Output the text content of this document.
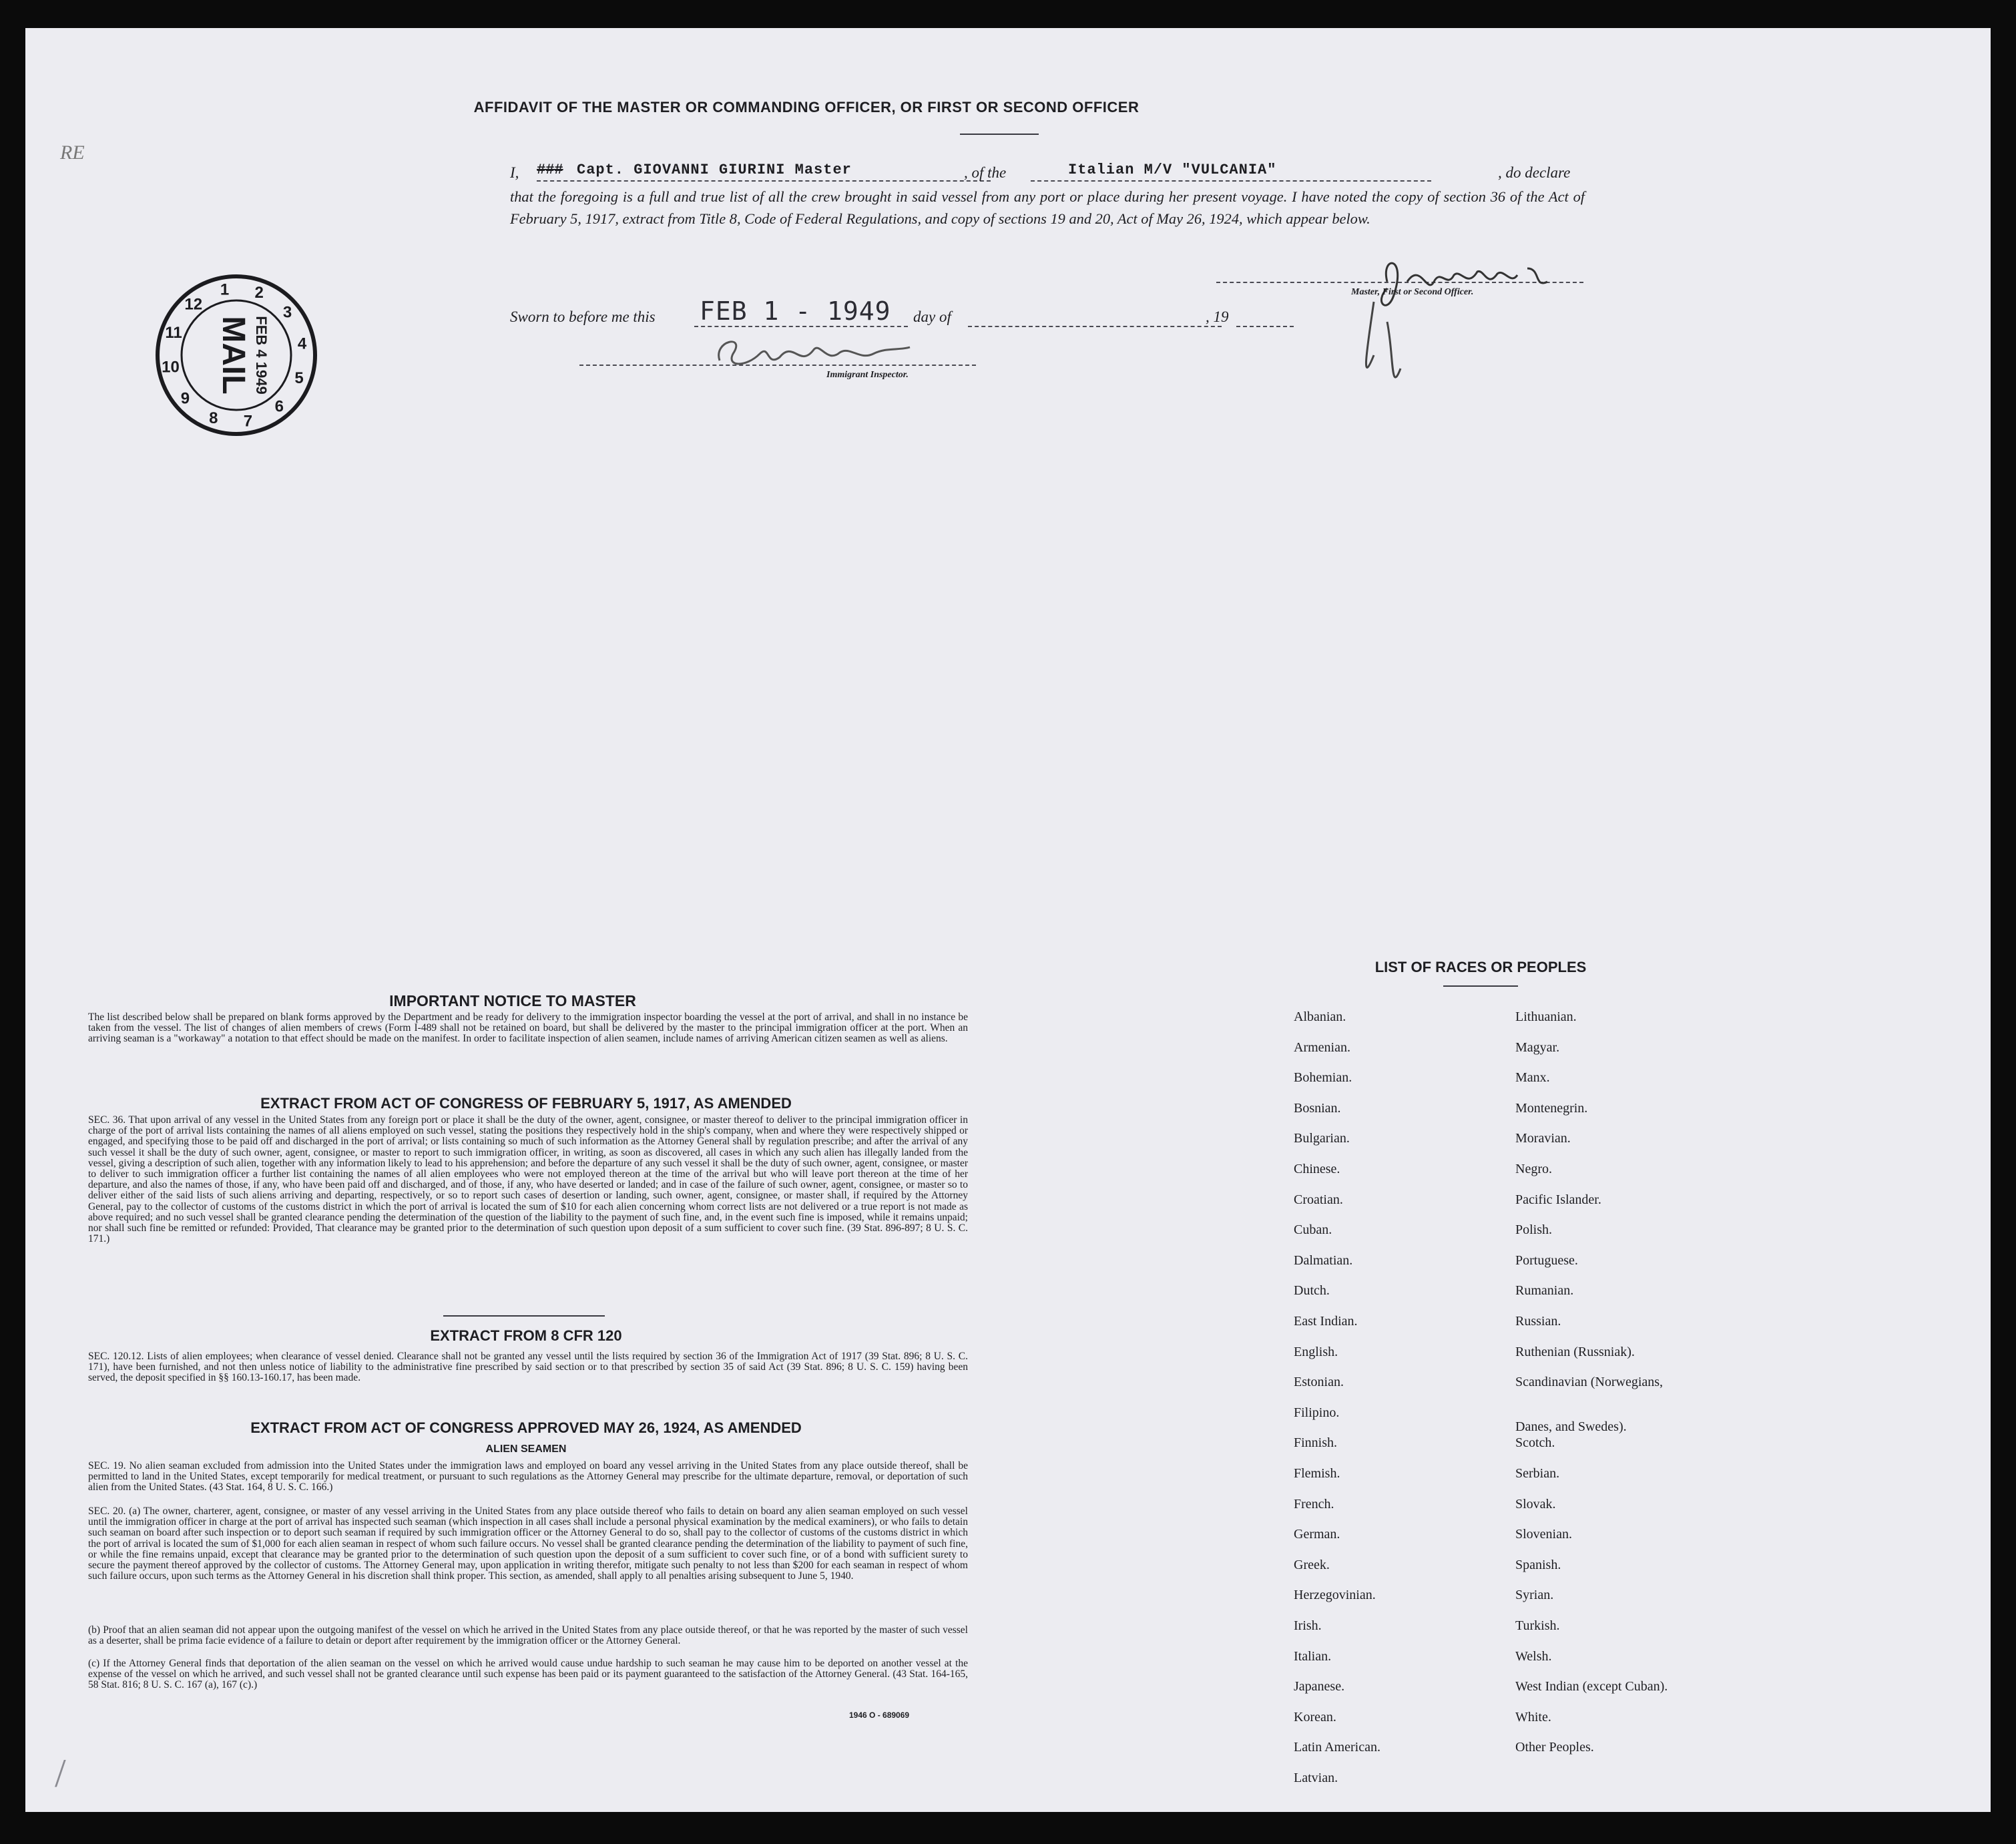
RE
AFFIDAVIT OF THE MASTER OR COMMANDING OFFICER, OR FIRST OR SECOND OFFICER
I, ### Capt. GIOVANNI GIURINI Master	, of the	Italian M/V "VULCANIA"	, do declare
that the foregoing is a full and true list of all the crew brought in said vessel from any port or place during her present voyage. I have noted the copy of section 36 of the Act of February 5, 1917, extract from Title 8, Code of Federal Regulations, and copy of sections 19 and 20, Act of May 26, 1924, which appear below.
Master, First or Second Officer.
Sworn to before me this FEB 1 - 1949 day of	, 19
Immigrant Inspector.
1 2
3
4
5
6
7
8
9
10
11
12
MAIL FEB 4 1949
IMPORTANT NOTICE TO MASTER
The list described below shall be prepared on blank forms approved by the Department and be ready for delivery to the immigration inspector boarding the vessel at the port of arrival, and shall in no instance be taken from the vessel. The list of changes of alien members of crews (Form I-489 shall not be retained on board, but shall be delivered by the master to the principal immigration officer at the port. When an arriving seaman is a "workaway" a notation to that effect should be made on the manifest. In order to facilitate inspection of alien seamen, include names of arriving American citizen seamen as well as aliens.
EXTRACT FROM ACT OF CONGRESS OF FEBRUARY 5, 1917, AS AMENDED
SEC. 36. That upon arrival of any vessel in the United States from any foreign port or place it shall be the duty of the owner, agent, consignee, or master thereof to deliver to the principal immigration officer in charge of the port of arrival lists containing the names of all aliens employed on such vessel, stating the positions they respectively hold in the ship's company, when and where they were respectively shipped or engaged, and specifying those to be paid off and discharged in the port of arrival; or lists containing so much of such information as the Attorney General shall by regulation prescribe; and after the arrival of any such vessel it shall be the duty of such owner, agent, consignee, or master to report to such immigration officer, in writing, as soon as discovered, all cases in which any such alien has illegally landed from the vessel, giving a description of such alien, together with any information likely to lead to his apprehension; and before the departure of any such vessel it shall be the duty of such owner, agent, consignee, or master to deliver to such immigration officer a further list containing the names of all alien employees who were not employed thereon at the time of the arrival but who will leave port thereon at the time of her departure, and also the names of those, if any, who have been paid off and discharged, and of those, if any, who have deserted or landed; and in case of the failure of such owner, agent, consignee, or master so to deliver either of the said lists of such aliens arriving and departing, respectively, or so to report such cases of desertion or landing, such owner, agent, consignee, or master shall, if required by the Attorney General, pay to the collector of customs of the customs district in which the port of arrival is located the sum of $10 for each alien concerning whom correct lists are not delivered or a true report is not made as above required; and no such vessel shall be granted clearance pending the determination of the question of the liability to the payment of such fine, and, in the event such fine is imposed, while it remains unpaid; nor shall such fine be remitted or refunded: Provided, That clearance may be granted prior to the determination of such question upon deposit of a sum sufficient to cover such fine. (39 Stat. 896-897; 8 U. S. C. 171.)
EXTRACT FROM 8 CFR 120
SEC. 120.12. Lists of alien employees; when clearance of vessel denied. Clearance shall not be granted any vessel until the lists required by section 36 of the Immigration Act of 1917 (39 Stat. 896; 8 U. S. C. 171), have been furnished, and not then unless notice of liability to the administrative fine prescribed by said section or to that prescribed by section 35 of said Act (39 Stat. 896; 8 U. S. C. 159) having been served, the deposit specified in §§ 160.13-160.17, has been made.
EXTRACT FROM ACT OF CONGRESS APPROVED MAY 26, 1924, AS AMENDED
ALIEN SEAMEN
SEC. 19. No alien seaman excluded from admission into the United States under the immigration laws and employed on board any vessel arriving in the United States from any place outside thereof, shall be permitted to land in the United States, except temporarily for medical treatment, or pursuant to such regulations as the Attorney General may prescribe for the ultimate departure, removal, or deportation of such alien from the United States. (43 Stat. 164, 8 U. S. C. 166.)
SEC. 20. (a) The owner, charterer, agent, consignee, or master of any vessel arriving in the United States from any place outside thereof who fails to detain on board any alien seaman employed on such vessel until the immigration officer in charge at the port of arrival has inspected such seaman (which inspection in all cases shall include a personal physical examination by the medical examiners), or who fails to detain such seaman on board after such inspection or to deport such seaman if required by such immigration officer or the Attorney General to do so, shall pay to the collector of customs of the customs district in which the port of arrival is located the sum of $1,000 for each alien seaman in respect of whom such failure occurs. No vessel shall be granted clearance pending the determination of the liability to payment of such fine, or while the fine remains unpaid, except that clearance may be granted prior to the determination of such question upon the deposit of a sum sufficient to cover such fine, or of a bond with sufficient surety to secure the payment thereof approved by the collector of customs. The Attorney General may, upon application in writing therefor, mitigate such penalty to not less than $200 for each seaman in respect of whom such failure occurs, upon such terms as the Attorney General in his discretion shall think proper. This section, as amended, shall apply to all penalties arising subsequent to June 5, 1940.
(b) Proof that an alien seaman did not appear upon the outgoing manifest of the vessel on which he arrived in the United States from any place outside thereof, or that he was reported by the master of such vessel as a deserter, shall be prima facie evidence of a failure to detain or deport after requirement by the immigration officer or the Attorney General.
(c) If the Attorney General finds that deportation of the alien seaman on the vessel on which he arrived would cause undue hardship to such seaman he may cause him to be deported on another vessel at the expense of the vessel on which he arrived, and such vessel shall not be granted clearance until such expense has been paid or its payment guaranteed to the satisfaction of the Attorney General. (43 Stat. 164-165, 58 Stat. 816; 8 U. S. C. 167 (a), 167 (c).)
1946 O - 689069
LIST OF RACES OR PEOPLES
Albanian.
Armenian.
Bohemian.
Bosnian.
Bulgarian.
Chinese.
Croatian.
Cuban.
Dalmatian.
Dutch.
East Indian.
English.
Estonian.
Filipino.
Finnish.
Flemish.
French.
German.
Greek.
Herzegovinian.
Irish.
Italian.
Japanese.
Korean.
Latin American.
Latvian.
Lithuanian.
Magyar.
Manx.
Montenegrin.
Moravian.
Negro.
Pacific Islander.
Polish.
Portuguese.
Rumanian.
Russian.
Ruthenian (Russniak).
Scandinavian (Norwegians,
Scotch.
Serbian.
Slovak.
Slovenian.
Spanish.
Syrian.
Turkish.
Welsh.
West Indian (except Cuban).
White.
Other Peoples.
Danes, and Swedes).
/
